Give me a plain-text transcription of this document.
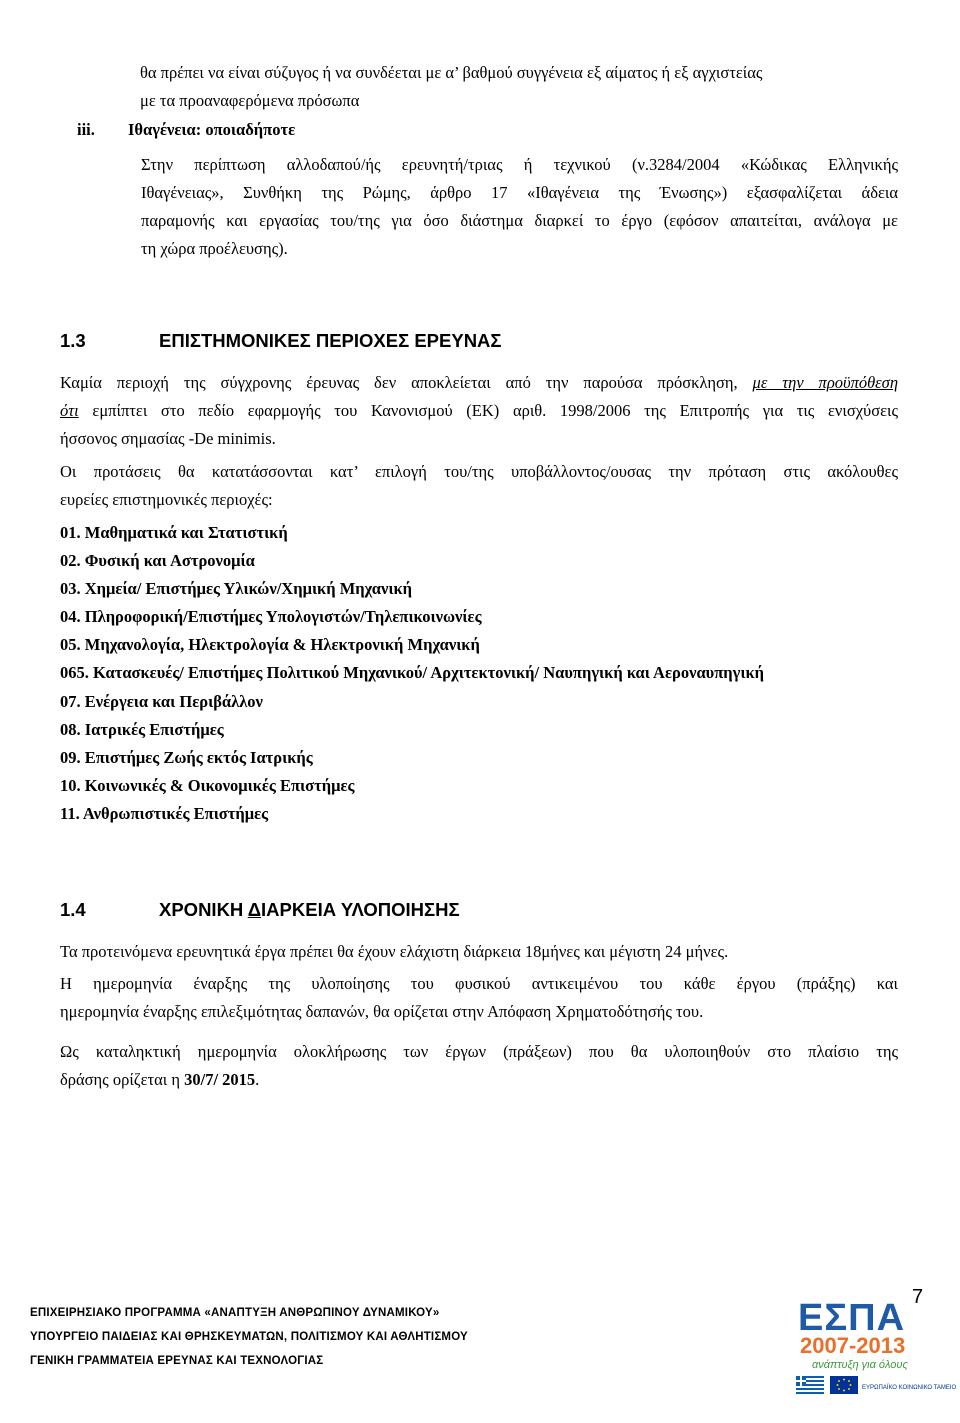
θα πρέπει να είναι σύζυγος ή να συνδέεται με α’ βαθμού συγγένεια εξ αίματος ή εξ αγχιστείας
με τα προαναφερόμενα πρόσωπα
iii. Ιθαγένεια: οποιαδήποτε
Στην περίπτωση αλλοδαπού/ής ερευνητή/τριας ή τεχνικού (ν.3284/2004 «Κώδικας Ελληνικής
Ιθαγένειας», Συνθήκη της Ρώμης, άρθρο 17 «Ιθαγένεια της Ένωσης») εξασφαλίζεται άδεια
παραμονής και εργασίας του/της για όσο διάστημα διαρκεί το έργο (εφόσον απαιτείται, ανάλογα με
τη χώρα προέλευσης).
1.3	ΕΠΙΣΤΗΜΟΝΙΚΕΣ ΠΕΡΙΟΧΕΣ ΕΡΕΥΝΑΣ
Καμία περιοχή της σύγχρονης έρευνας δεν αποκλείεται από την παρούσα πρόσκληση, με την προϋπόθεση
ότι εμπίπτει στο πεδίο εφαρμογής του Κανονισμού (ΕΚ) αριθ. 1998/2006 της Επιτροπής για τις ενισχύσεις
ήσσονος σημασίας -De minimis.
Οι προτάσεις θα κατατάσσονται κατ’ επιλογή του/της υποβάλλοντος/ουσας την πρόταση στις ακόλουθες
ευρείες επιστημονικές περιοχές:
01. Μαθηματικά και Στατιστική
02. Φυσική και Αστρονομία
03. Χημεία/ Επιστήμες Υλικών/Χημική Μηχανική
04. Πληροφορική/Επιστήμες Υπολογιστών/Τηλεπικοινωνίες
05. Μηχανολογία, Ηλεκτρολογία & Ηλεκτρονική Μηχανική
065. Κατασκευές/ Επιστήμες Πολιτικού Μηχανικού/ Αρχιτεκτονική/ Ναυπηγική και Αεροναυπηγική
07. Ενέργεια και Περιβάλλον
08. Ιατρικές Επιστήμες
09. Επιστήμες Ζωής εκτός Ιατρικής
10. Κοινωνικές & Οικονομικές Επιστήμες
11. Ανθρωπιστικές Επιστήμες
1.4	ΧΡΟΝΙΚΗ ΔΙΑΡΚΕΙΑ ΥΛΟΠΟΙΗΣΗΣ
Τα προτεινόμενα ερευνητικά έργα πρέπει θα έχουν ελάχιστη διάρκεια 18μήνες και μέγιστη 24 μήνες.
Η ημερομηνία έναρξης της υλοποίησης του φυσικού αντικειμένου του κάθε έργου (πράξης) και
ημερομηνία έναρξης επιλεξιμότητας δαπανών, θα ορίζεται στην Απόφαση Χρηματοδότησής του.
Ως καταληκτική ημερομηνία ολοκλήρωσης των έργων (πράξεων) που θα υλοποιηθούν στο πλαίσιο της
δράσης ορίζεται η 30/7/ 2015.
ΕΠΙΧΕΙΡΗΣΙΑΚΟ ΠΡΟΓΡΑΜΜΑ «ΑΝΑΠΤΥΞΗ ΑΝΘΡΩΠΙΝΟΥ ΔΥΝΑΜΙΚΟΥ»
ΥΠΟΥΡΓΕΙΟ ΠΑΙΔΕΙΑΣ ΚΑΙ ΘΡΗΣΚΕΥΜΑΤΩΝ, ΠΟΛΙΤΙΣΜΟΥ ΚΑΙ ΑΘΛΗΤΙΣΜΟΥ
ΓΕΝΙΚΗ ΓΡΑΜΜΑΤΕΙΑ ΕΡΕΥΝΑΣ ΚΑΙ ΤΕΧΝΟΛΟΓΙΑΣ
7
ΕΣΠΑ
2007-2013
ανάπτυξη για όλους
ΕΥΡΩΠΑΪΚΟ ΚΟΙΝΩΝΙΚΟ ΤΑΜΕΙΟ
